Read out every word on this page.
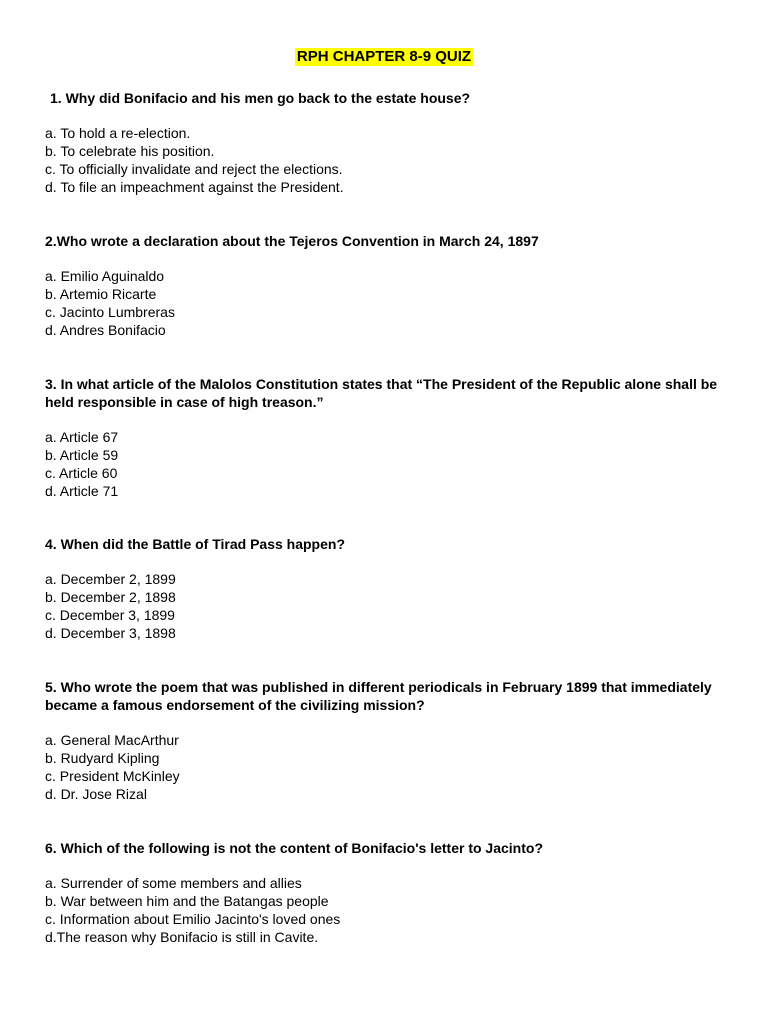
RPH CHAPTER 8-9 QUIZ

1. Why did Bonifacio and his men go back to the estate house?

a. To hold a re-election.
b. To celebrate his position.
c. To officially invalidate and reject the elections.
d. To file an impeachment against the President.

2.Who wrote a declaration about the Tejeros Convention in March 24, 1897

a. Emilio Aguinaldo
b. Artemio Ricarte
c. Jacinto Lumbreras
d. Andres Bonifacio

3. In what article of the Malolos Constitution states that “The President of the Republic alone shall be held responsible in case of high treason.”

a. Article 67
b. Article 59
c. Article 60
d. Article 71

4. When did the Battle of Tirad Pass happen?

a. December 2, 1899
b. December 2, 1898
c. December 3, 1899
d. December 3, 1898

5. Who wrote the poem that was published in different periodicals in February 1899 that immediately became a famous endorsement of the civilizing mission?

a. General MacArthur
b. Rudyard Kipling
c. President McKinley
d. Dr. Jose Rizal

6. Which of the following is not the content of Bonifacio's letter to Jacinto?

a. Surrender of some members and allies
b. War between him and the Batangas people
c. Information about Emilio Jacinto's loved ones
d.The reason why Bonifacio is still in Cavite.
